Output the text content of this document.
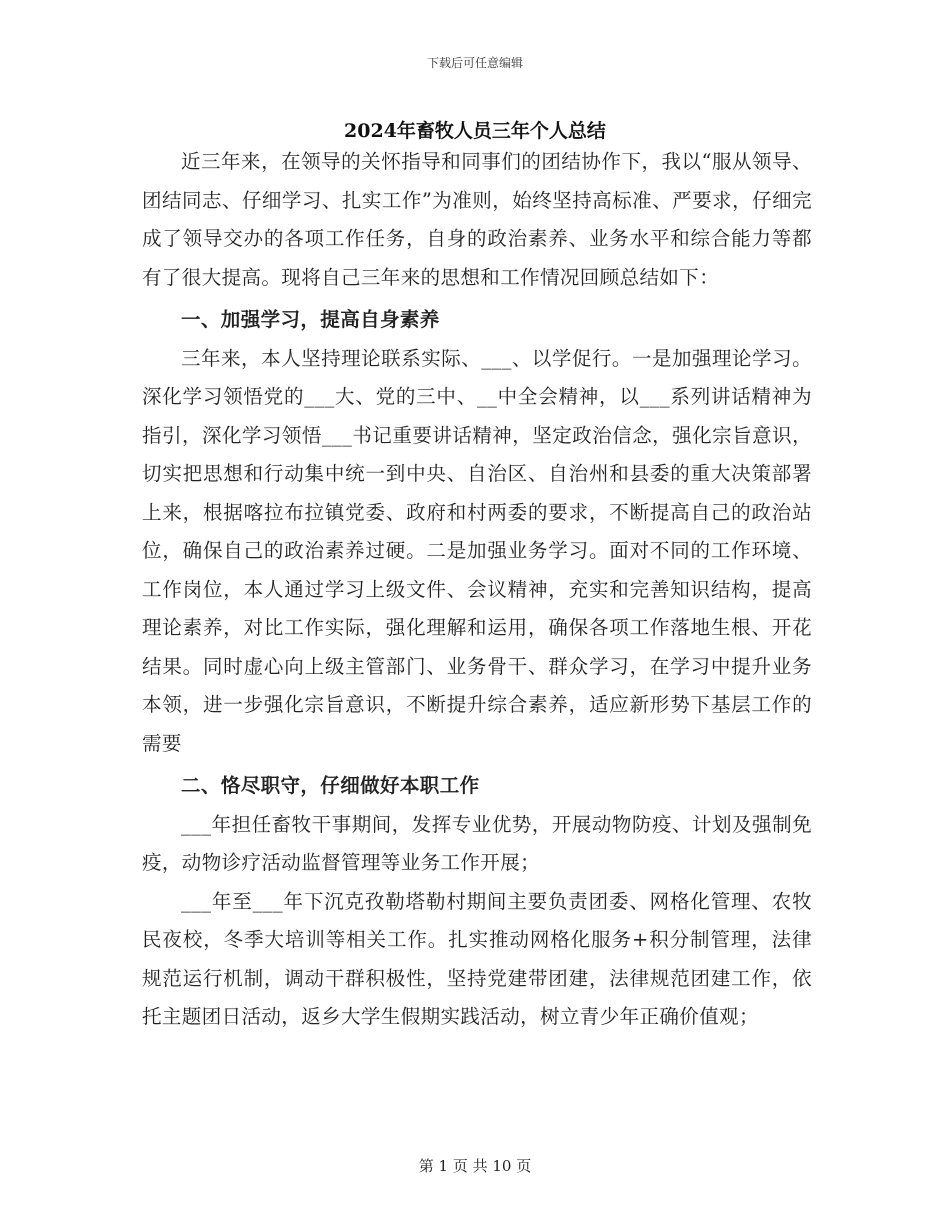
下载后可任意编辑
2024年畜牧人员三年个人总结

近三年来，在领导的关怀指导和同事们的团结协作下，我以“服从领导、团结同志、仔细学习、扎实工作”为准则，始终坚持高标准、严要求，仔细完成了领导交办的各项工作任务，自身的政治素养、业务水平和综合能力等都有了很大提高。现将自己三年来的思想和工作情况回顾总结如下：

一、加强学习，提高自身素养

三年来，本人坚持理论联系实际、___、以学促行。一是加强理论学习。深化学习领悟党的___大、党的三中、__中全会精神，以___系列讲话精神为指引，深化学习领悟___书记重要讲话精神，坚定政治信念，强化宗旨意识，切实把思想和行动集中统一到中央、自治区、自治州和县委的重大决策部署上来，根据喀拉布拉镇党委、政府和村两委的要求，不断提高自己的政治站位，确保自己的政治素养过硬。二是加强业务学习。面对不同的工作环境、工作岗位，本人通过学习上级文件、会议精神，充实和完善知识结构，提高理论素养，对比工作实际，强化理解和运用，确保各项工作落地生根、开花结果。同时虚心向上级主管部门、业务骨干、群众学习，在学习中提升业务本领，进一步强化宗旨意识，不断提升综合素养，适应新形势下基层工作的需要

二、恪尽职守，仔细做好本职工作

___年担任畜牧干事期间，发挥专业优势，开展动物防疫、计划及强制免疫，动物诊疗活动监督管理等业务工作开展；

___年至___年下沉克孜勒塔勒村期间主要负责团委、网格化管理、农牧民夜校，冬季大培训等相关工作。扎实推动网格化服务+积分制管理，法律规范运行机制，调动干群积极性，坚持党建带团建，法律规范团建工作，依托主题团日活动，返乡大学生假期实践活动，树立青少年正确价值观；

第 1 页 共 10 页
